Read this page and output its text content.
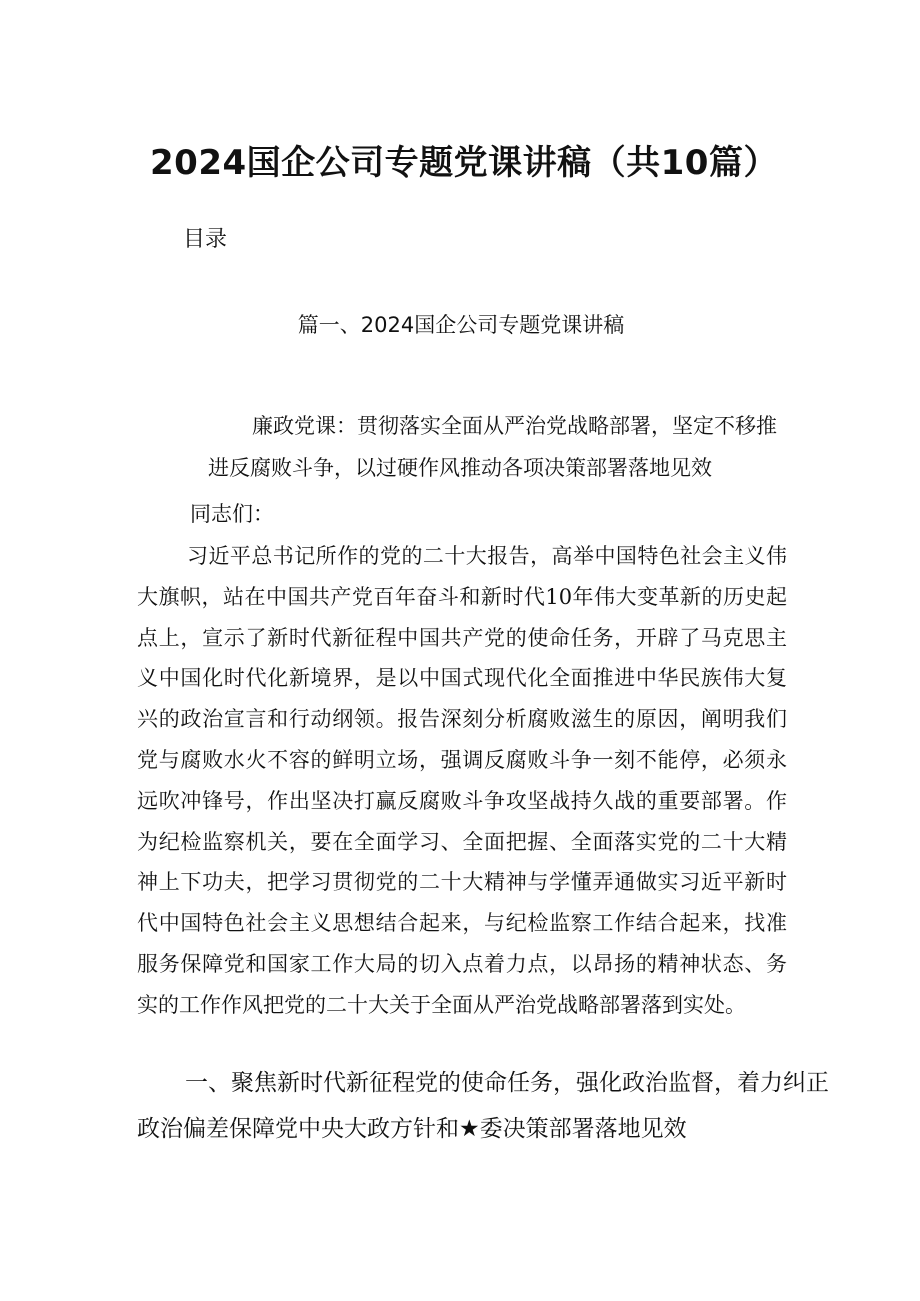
2024国企公司专题党课讲稿（共10篇）
目录
篇一、2024国企公司专题党课讲稿
廉政党课：贯彻落实全面从严治党战略部署，坚定不移推
进反腐败斗争，以过硬作风推动各项决策部署落地见效
同志们：
习近平总书记所作的党的二十大报告，高举中国特色社会主义伟
大旗帜，站在中国共产党百年奋斗和新时代10年伟大变革新的历史起
点上，宣示了新时代新征程中国共产党的使命任务，开辟了马克思主
义中国化时代化新境界，是以中国式现代化全面推进中华民族伟大复
兴的政治宣言和行动纲领。报告深刻分析腐败滋生的原因，阐明我们
党与腐败水火不容的鲜明立场，强调反腐败斗争一刻不能停，必须永
远吹冲锋号，作出坚决打赢反腐败斗争攻坚战持久战的重要部署。作
为纪检监察机关，要在全面学习、全面把握、全面落实党的二十大精
神上下功夫，把学习贯彻党的二十大精神与学懂弄通做实习近平新时
代中国特色社会主义思想结合起来，与纪检监察工作结合起来，找准
服务保障党和国家工作大局的切入点着力点，以昂扬的精神状态、务
实的工作作风把党的二十大关于全面从严治党战略部署落到实处。
一、聚焦新时代新征程党的使命任务，强化政治监督，着力纠正
政治偏差保障党中央大政方针和★委决策部署落地见效
